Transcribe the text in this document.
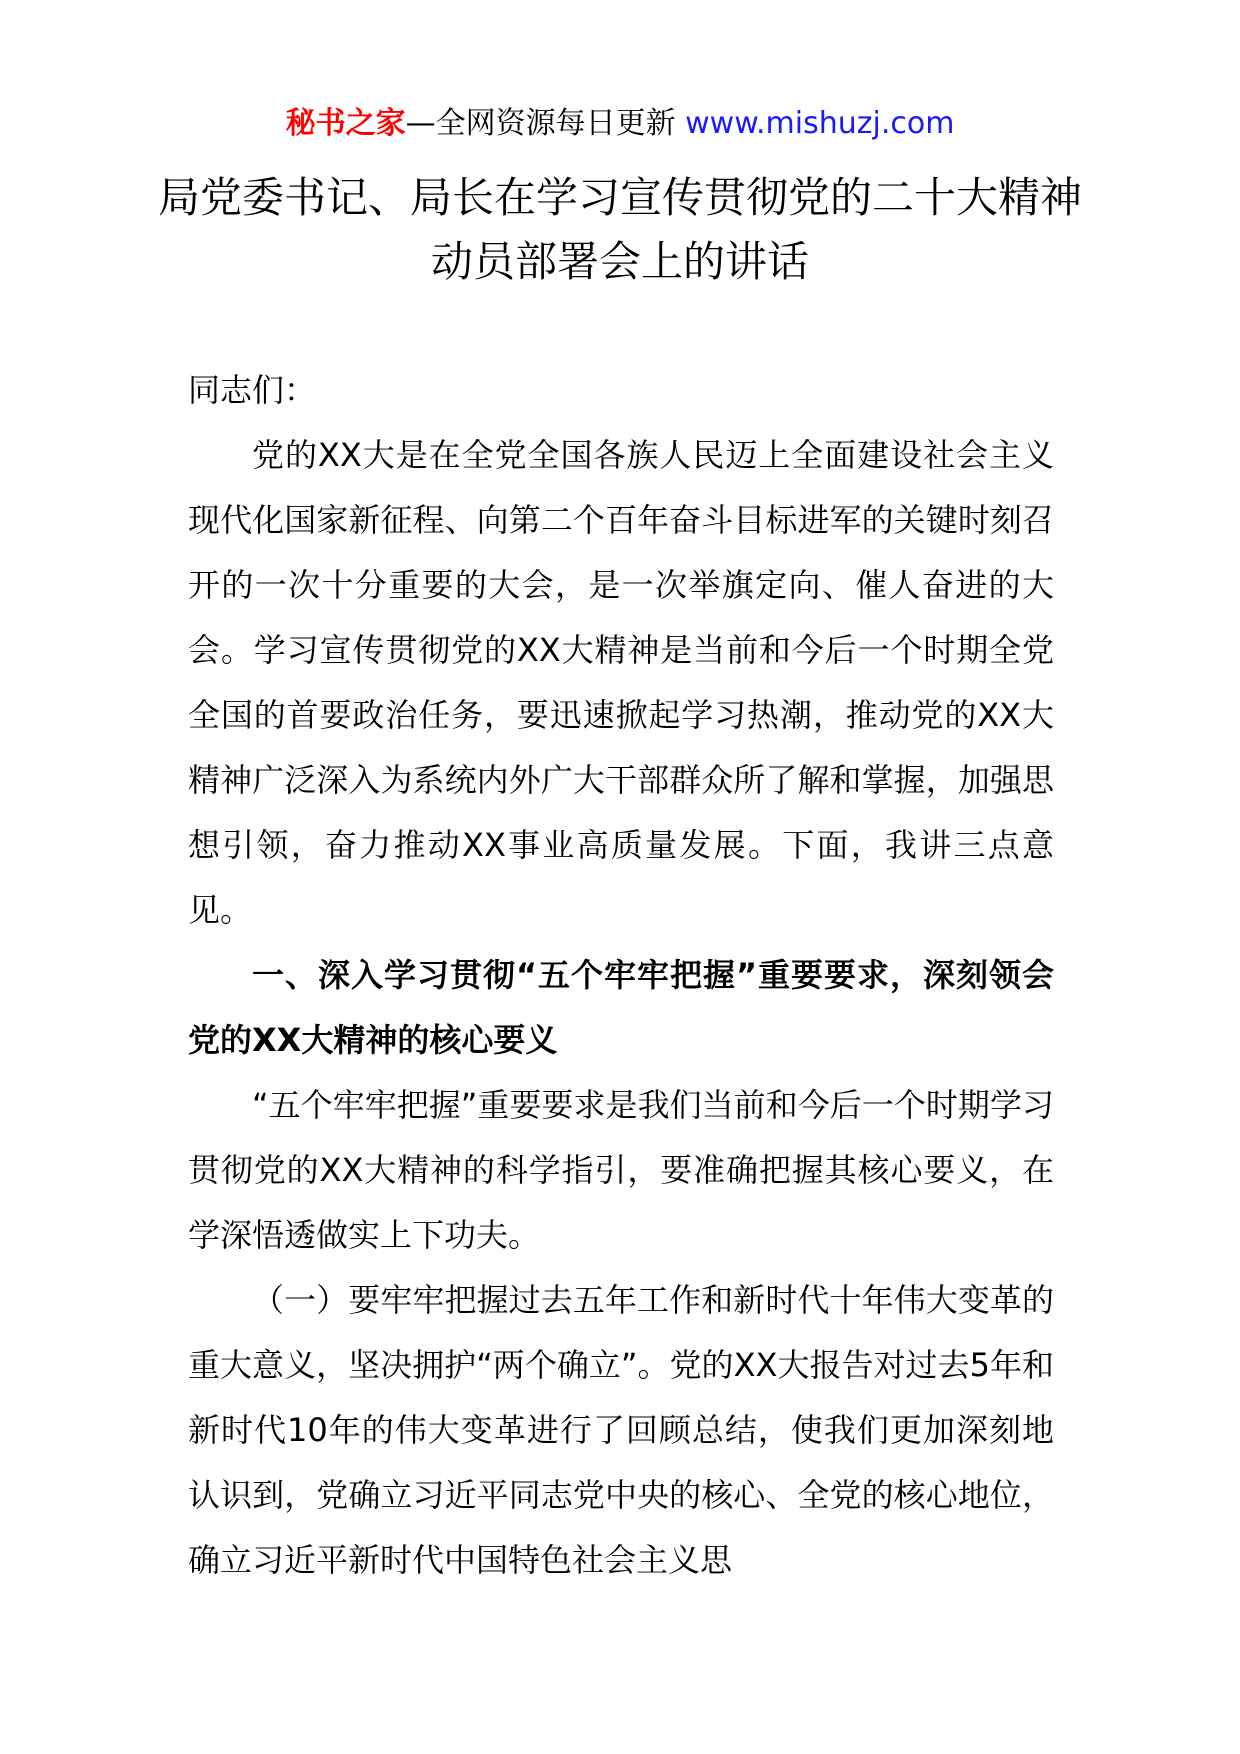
秘书之家—全网资源每日更新 www.mishuzj.com
局党委书记、局长在学习宣传贯彻党的二十大精神动员部署会上的讲话

同志们：

党的XX大是在全党全国各族人民迈上全面建设社会主义现代化国家新征程、向第二个百年奋斗目标进军的关键时刻召开的一次十分重要的大会，是一次举旗定向、催人奋进的大会。学习宣传贯彻党的XX大精神是当前和今后一个时期全党全国的首要政治任务，要迅速掀起学习热潮，推动党的XX大精神广泛深入为系统内外广大干部群众所了解和掌握，加强思想引领，奋力推动XX事业高质量发展。下面，我讲三点意见。

一、深入学习贯彻“五个牢牢把握”重要要求，深刻领会党的XX大精神的核心要义

“五个牢牢把握”重要要求是我们当前和今后一个时期学习贯彻党的XX大精神的科学指引，要准确把握其核心要义，在学深悟透做实上下功夫。

（一）要牢牢把握过去五年工作和新时代十年伟大变革的重大意义，坚决拥护“两个确立”。党的XX大报告对过去5年和新时代10年的伟大变革进行了回顾总结，使我们更加深刻地认识到，党确立习近平同志党中央的核心、全党的核心地位，确立习近平新时代中国特色社会主义思
